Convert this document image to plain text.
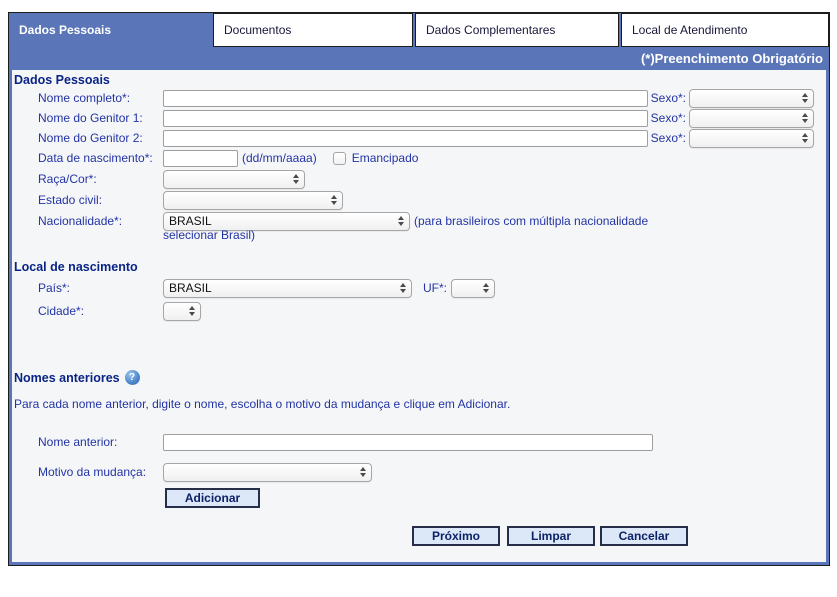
Dados Pessoais	Documentos	Dados Complementares	Local de Atendimento
(*)Preenchimento Obrigatório
Dados Pessoais
Nome completo*:	Sexo*:
Nome do Genitor 1:	Sexo*:
Nome do Genitor 2:	Sexo*:
Data de nascimento*:	(dd/mm/aaaa)	Emancipado
Raça/Cor*:
Estado civil:
Nacionalidade*:	BRASIL	(para brasileiros com múltipla nacionalidade
selecionar Brasil)
Local de nascimento
País*:	BRASIL	UF*:
Cidade*:
Nomes anteriores ?
Para cada nome anterior, digite o nome, escolha o motivo da mudança e clique em Adicionar.
Nome anterior:
Motivo da mudança:
Adicionar
Próximo	Limpar	Cancelar
